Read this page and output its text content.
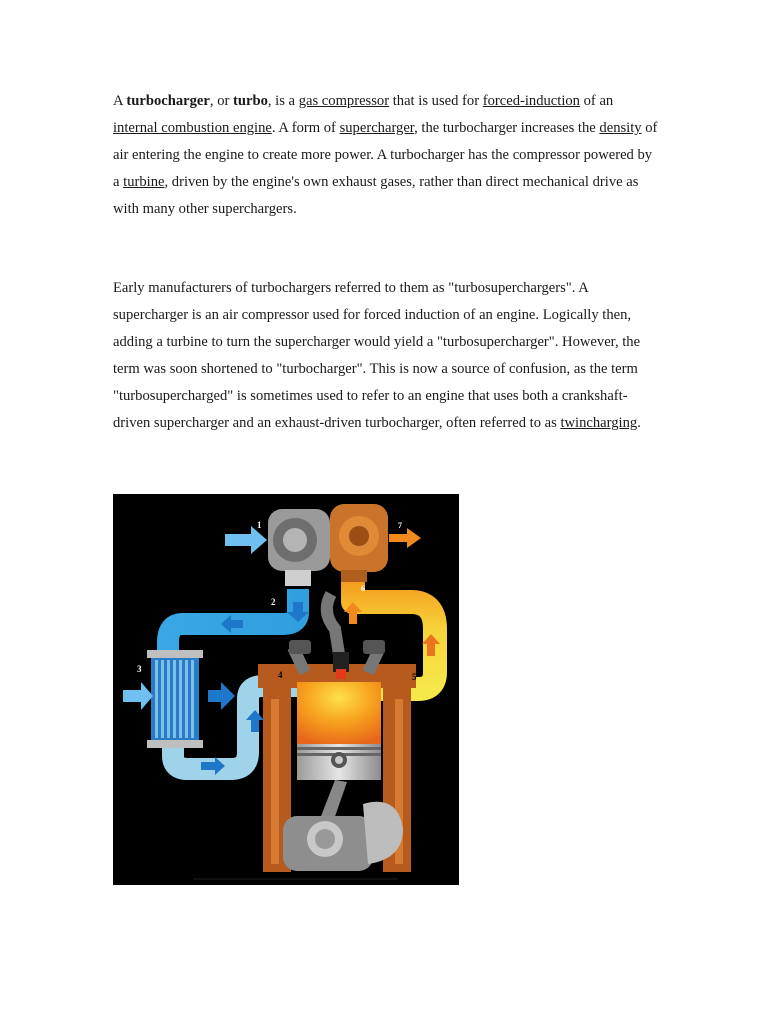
A turbocharger, or turbo, is a gas compressor that is used for forced-induction of an internal combustion engine. A form of supercharger, the turbocharger increases the density of air entering the engine to create more power. A turbocharger has the compressor powered by a turbine, driven by the engine's own exhaust gases, rather than direct mechanical drive as with many other superchargers.

Early manufacturers of turbochargers referred to them as "turbosuperchargers". A supercharger is an air compressor used for forced induction of an engine. Logically then, adding a turbine to turn the supercharger would yield a "turbosupercharger". However, the term was soon shortened to "turbocharger". This is now a source of confusion, as the term "turbosupercharged" is sometimes used to refer to an engine that uses both a crankshaft-driven supercharger and an exhaust-driven turbocharger, often referred to as twincharging.

1
2
3
4	5
6
7
